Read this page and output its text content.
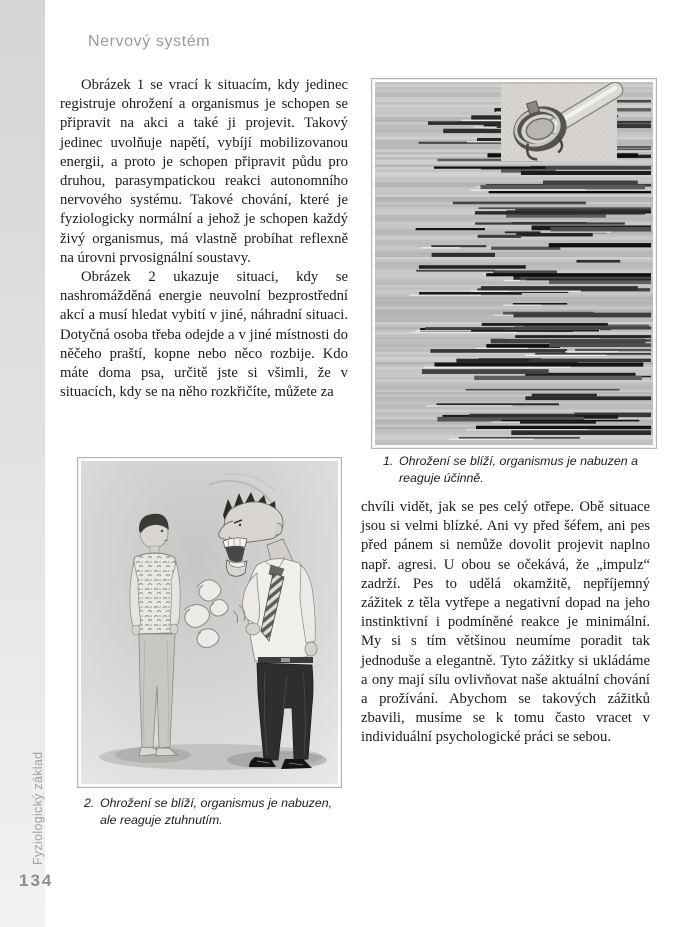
Nervový systém

Obrázek 1 se vrací k situacím, kdy jedinec registruje ohrožení a organismus je schopen se připravit na akci a také ji projevit. Takový jedinec uvolňuje napětí, vybíjí mobilizovanou energii, a proto je schopen připravit půdu pro druhou, parasympatickou reakci autonomního nervového systému. Takové chování, které je fyziologicky normální a jehož je schopen každý živý organismus, má vlastně probíhat reflexně na úrovni prvosignální soustavy.

Obrázek 2 ukazuje situaci, kdy se nashromážděná energie neuvolní bezprostřední akcí a musí hledat vybití v jiné, náhradní situaci. Dotyčná osoba třeba odejde a v jiné místnosti do něčeho praští, kopne nebo něco rozbije. Kdo máte doma psa, určitě jste si všimli, že v situacích, kdy se na něho rozkřičíte, můžete za

1. Ohrožení se blíží, organismus je nabuzen a reaguje účinně.
2. Ohrožení se blíží, organismus je nabuzen, ale reaguje ztuhnutím.

chvíli vidět, jak se pes celý otřepe. Obě situace jsou si velmi blízké. Ani vy před šéfem, ani pes před pánem si nemůže dovolit projevit naplno např. agresi. U obou se očekává, že „impulz“ zadrží. Pes to udělá okamžitě, nepříjemný zážitek z těla vytřepe a negativní dopad na jeho instinktivní i podmíněné reakce je minimální. My si s tím většinou neumíme poradit tak jednoduše a elegantně. Tyto zážitky si ukládáme a ony mají sílu ovlivňovat naše aktuální chování a prožívání. Abychom se takových zážitků zbavili, musíme se k tomu často vracet v individuální psychologické práci se sebou.

Fyziologický základ
134
